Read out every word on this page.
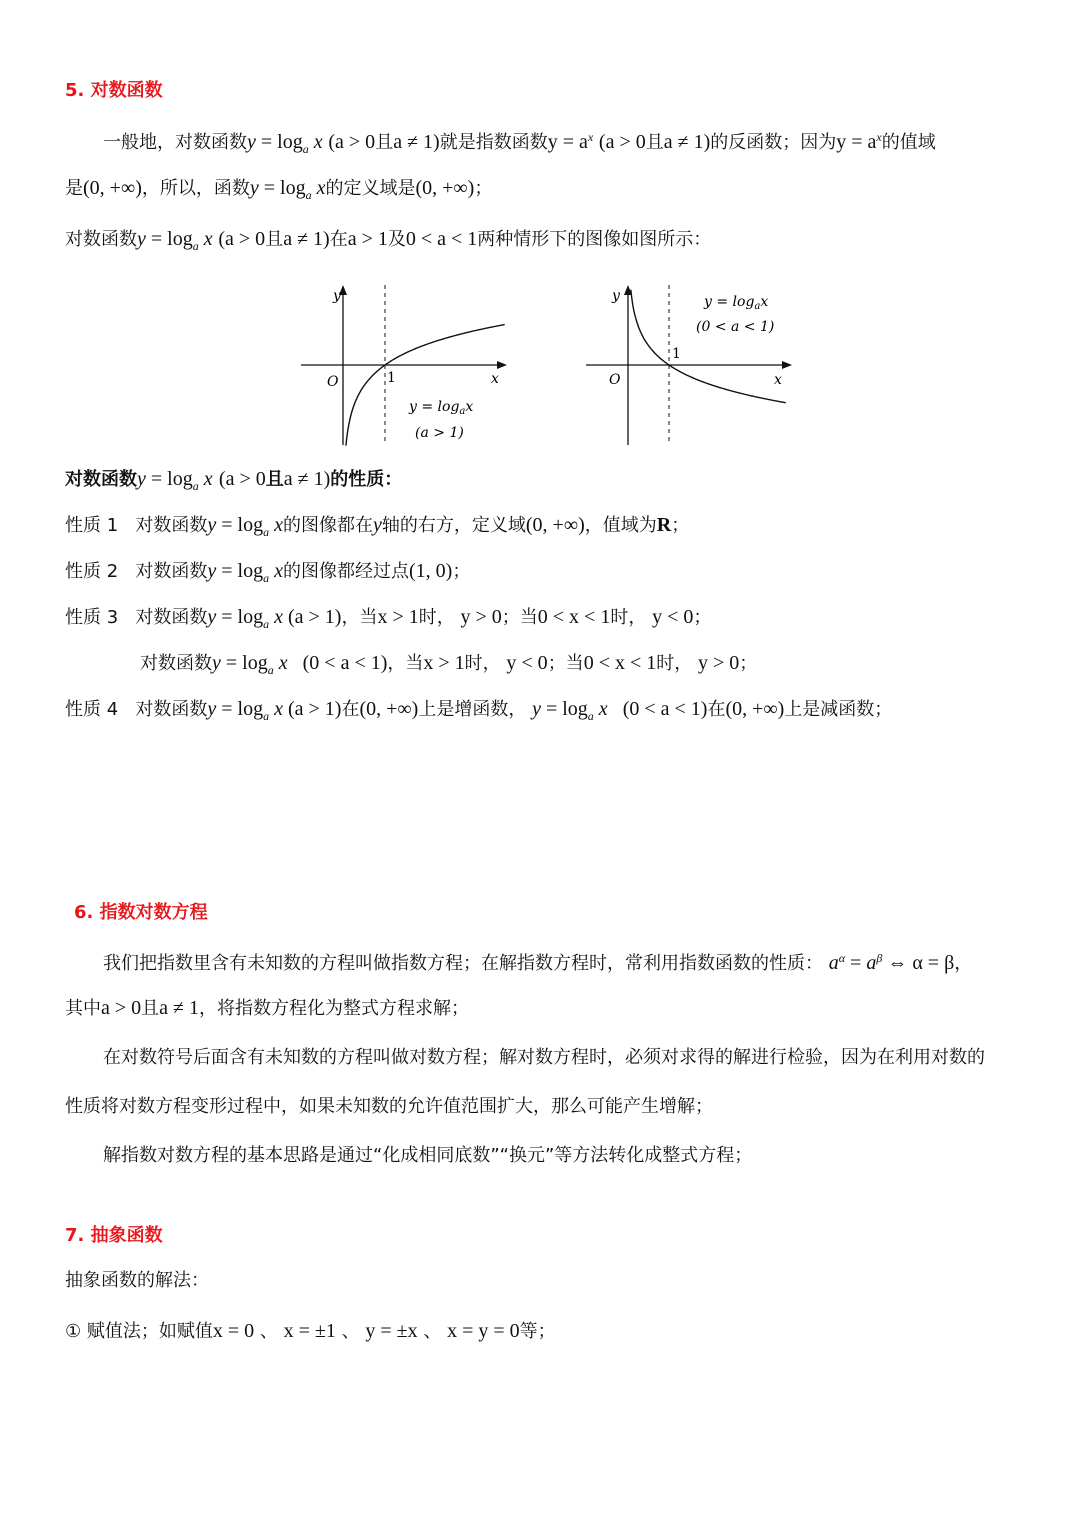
5. 对数函数
一般地，对数函数$y = \log_a x$ (a > 0且a ≠ 1)就是指数函数$y = a^x$ (a > 0且a ≠ 1)的反函数；因为$y = a^x$的值域
是(0, +∞)，所以，函数$y = \log_a x$的定义域是(0, +∞)；
对数函数$y = \log_a x$ (a > 0且a ≠ 1)在a > 1及0 < a < 1两种情形下的图像如图所示：
y
x
O	1
$y = \log_ax$
(a > 1)
y
x
O
1
$y = \log_ax$
(0 < a < 1)
对数函数$y = \log_a x$ (a > 0且a ≠ 1)的性质：
性质 1 对数函数$y = \log_a x$的图像都在y轴的右方，定义域(0, +∞)，值域为R；
性质 2 对数函数$y = \log_a x$的图像都经过点(1, 0)；
性质 3 对数函数$y = \log_a x$ (a > 1)，当x > 1时， y > 0；当0 < x < 1时， y < 0；
对数函数$y = \log_a x$ (0 < a < 1)，当x > 1时， y < 0；当0 < x < 1时， y > 0；
性质 4 对数函数$y = \log_a x$ (a > 1)在(0, +∞)上是增函数， $y = \log_a x$ (0 < a < 1)在(0, +∞)上是减函数；
6. 指数对数方程
我们把指数里含有未知数的方程叫做指数方程；在解指数方程时，常利用指数函数的性质： $a^\alpha = a^\beta$ ⇔ α = β，
其中a > 0且a ≠ 1，将指数方程化为整式方程求解；
在对数符号后面含有未知数的方程叫做对数方程；解对数方程时，必须对求得的解进行检验，因为在利用对数的
性质将对数方程变形过程中，如果未知数的允许值范围扩大，那么可能产生增解；
解指数对数方程的基本思路是通过“化成相同底数”“换元”等方法转化成整式方程；
7. 抽象函数
抽象函数的解法：
① 赋值法；如赋值x = 0 、 x = ±1 、 y = ±x 、 x = y = 0等；
